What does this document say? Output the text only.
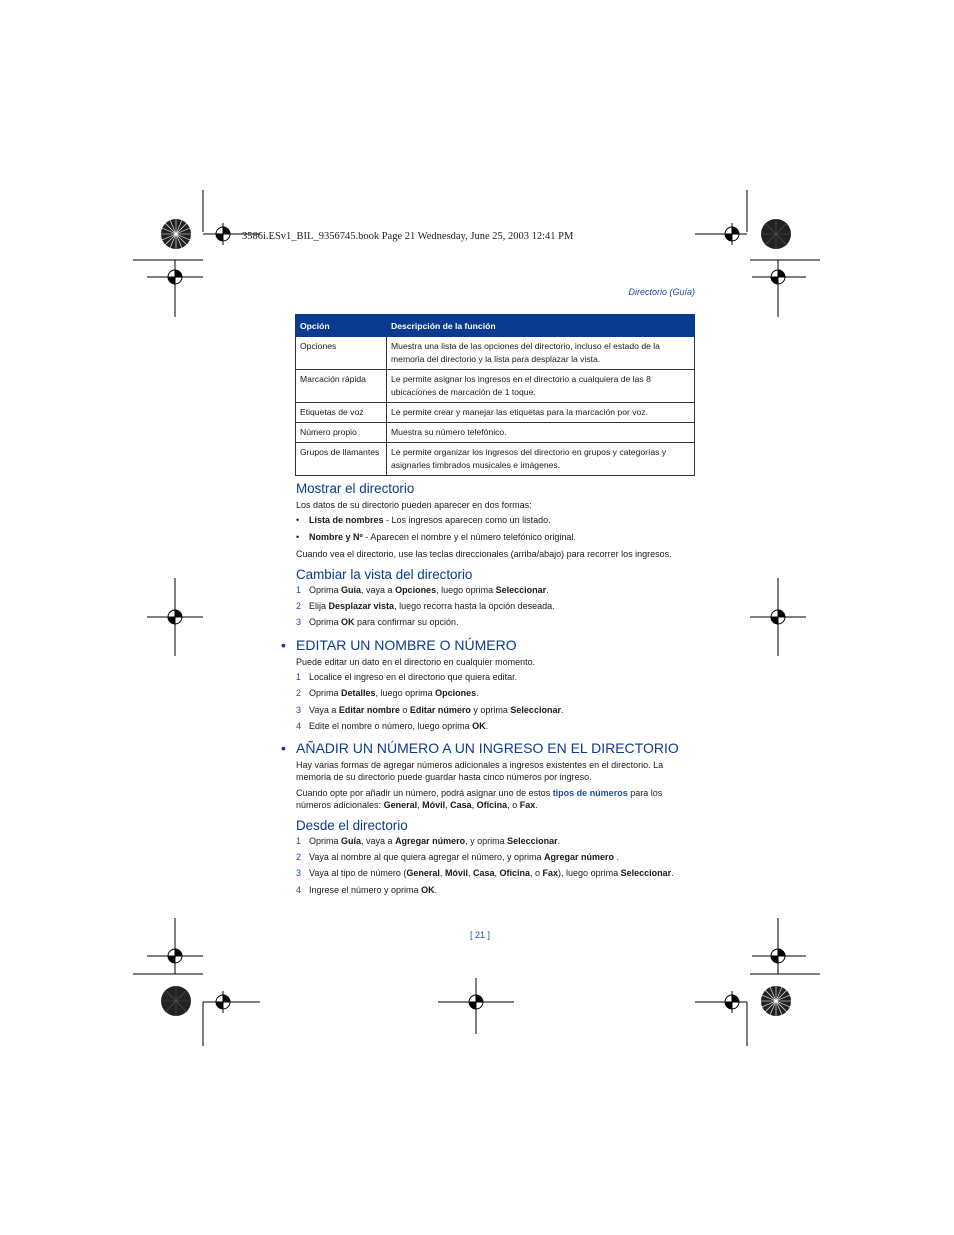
3586i.ESv1_BIL_9356745.book Page 21 Wednesday, June 25, 2003 12:41 PM
Directorio (Guía)
Opción	Descripción de la función
Opciones	Muestra una lista de las opciones del directorio, incluso el estado de la memoria del directorio y la lista para desplazar la vista.
Marcación rápida	Le permite asignar los ingresos en el directorio a cualquiera de las 8 ubicaciones de marcación de 1 toque.
Etiquetas de voz	Le permite crear y manejar las etiquetas para la marcación por voz.
Número propio	Muestra su número telefónico.
Grupos de llamantes	Le permite organizar los ingresos del directorio en grupos y categorías y asignarles timbrados musicales e imágenes.
Mostrar el directorio

Los datos de su directorio pueden aparecer en dos formas:

• Lista de nombres - Los ingresos aparecen como un listado.
• Nombre y Nº - Aparecen el nombre y el número telefónico original.

Cuando vea el directorio, use las teclas direccionales (arriba/abajo) para recorrer los ingresos.

Cambiar la vista del directorio
1 Oprima Guía, vaya a Opciones, luego oprima Seleccionar.
2 Elija Desplazar vista, luego recorra hasta la opción deseada.
3 Oprima OK para confirmar su opción.
• EDITAR UN NOMBRE O NÚMERO

Puede editar un dato en el directorio en cualquier momento.

1 Localice el ingreso en el directorio que quiera editar.
2 Oprima Detalles, luego oprima Opciones.
3 Vaya a Editar nombre o Editar número y oprima Seleccionar.
4 Edite el nombre o número, luego oprima OK.
• AÑADIR UN NÚMERO A UN INGRESO EN EL DIRECTORIO

Hay varias formas de agregar números adicionales a ingresos existentes en el directorio. La memoria de su directorio puede guardar hasta cinco números por ingreso.

Cuando opte por añadir un número, podrá asignar uno de estos tipos de números para los números adicionales: General, Móvil, Casa, Oficina, o Fax.

Desde el directorio
1 Oprima Guía, vaya a Agregar número, y oprima Seleccionar.
2 Vaya al nombre al que quiera agregar el número, y oprima Agregar número .
3 Vaya al tipo de número (General, Móvil, Casa, Oficina, o Fax), luego oprima Seleccionar.
4 Ingrese el número y oprima OK.
[ 21 ]
